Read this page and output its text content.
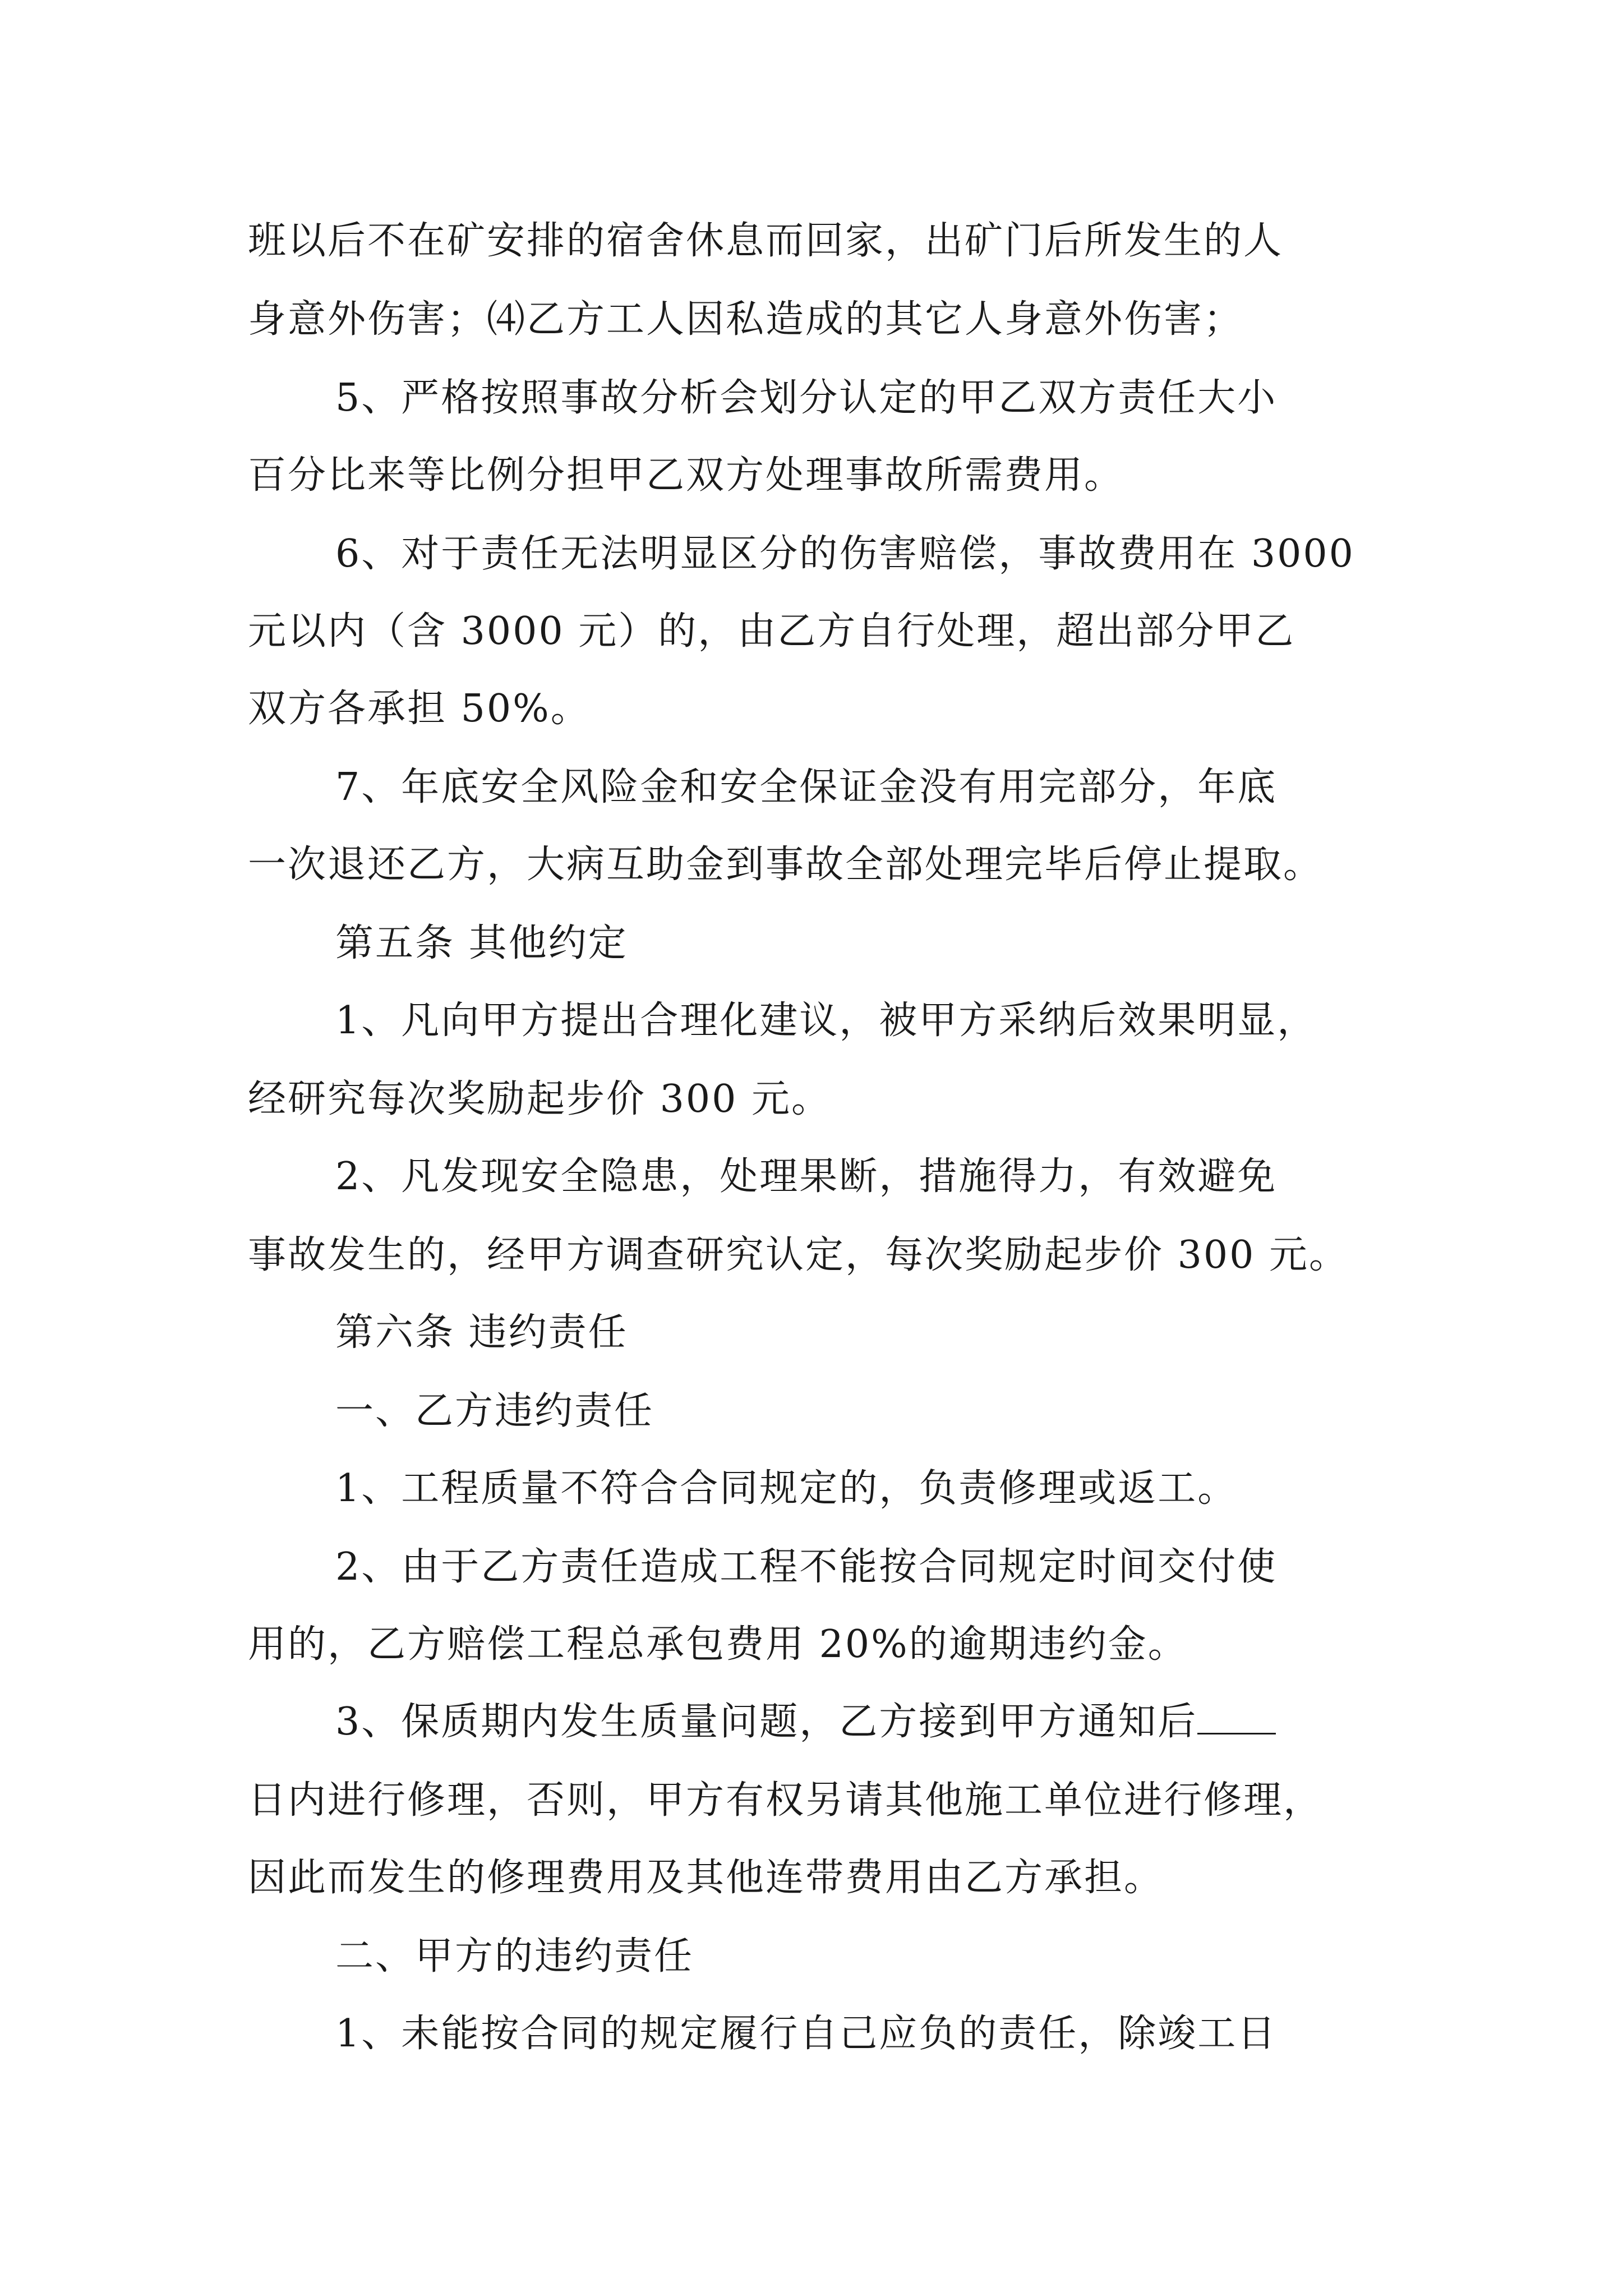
班以后不在矿安排的宿舍休息而回家，出矿门后所发生的人
身意外伤害；⑷乙方工人因私造成的其它人身意外伤害；
5、严格按照事故分析会划分认定的甲乙双方责任大小
百分比来等比例分担甲乙双方处理事故所需费用。
6、对于责任无法明显区分的伤害赔偿，事故费用在 3000
元以内（含 3000 元）的，由乙方自行处理，超出部分甲乙
双方各承担 50%。
7、年底安全风险金和安全保证金没有用完部分，年底
一次退还乙方，大病互助金到事故全部处理完毕后停止提取。
第五条 其他约定
1、凡向甲方提出合理化建议，被甲方采纳后效果明显，
经研究每次奖励起步价 300 元。
2、凡发现安全隐患，处理果断，措施得力，有效避免
事故发生的，经甲方调查研究认定，每次奖励起步价 300 元。
第六条 违约责任
一、乙方违约责任
1、工程质量不符合合同规定的，负责修理或返工。
2、由于乙方责任造成工程不能按合同规定时间交付使
用的，乙方赔偿工程总承包费用 20%的逾期违约金。
3、保质期内发生质量问题，乙方接到甲方通知后
日内进行修理，否则，甲方有权另请其他施工单位进行修理，
因此而发生的修理费用及其他连带费用由乙方承担。
二、甲方的违约责任
1、未能按合同的规定履行自己应负的责任，除竣工日
